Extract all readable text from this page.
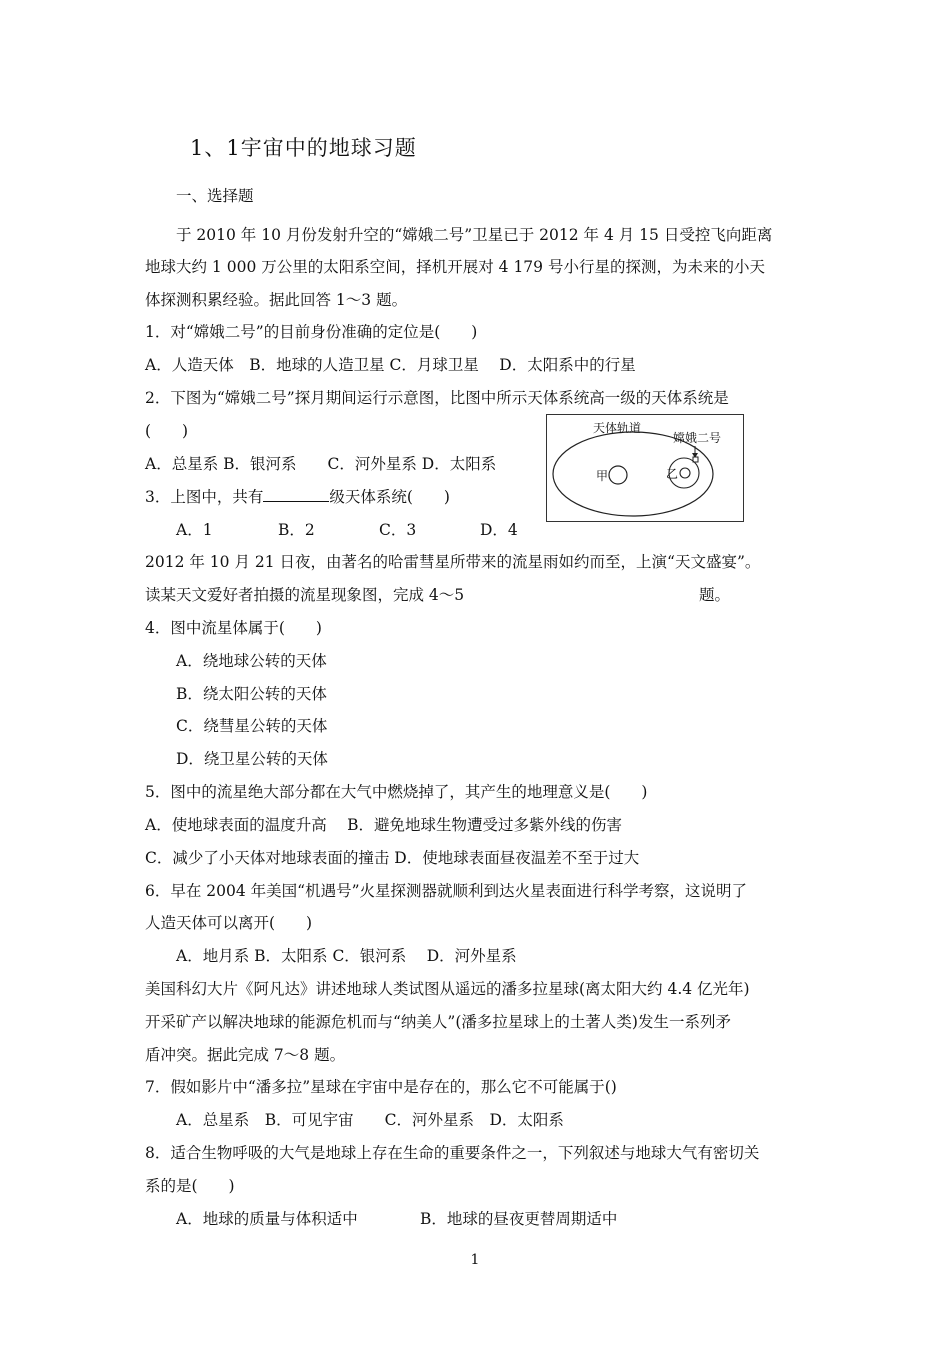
1、1宇宙中的地球习题
一、选择题
于 2010 年 10 月份发射升空的“嫦娥二号”卫星已于 2012 年 4 月 15 日受控飞向距离
地球大约 1 000 万公里的太阳系空间，择机开展对 4 179 号小行星的探测，为未来的小天
体探测积累经验。据此回答 1～3 题。
1．对“嫦娥二号”的目前身份准确的定位是(　　)
A．人造天体　B．地球的人造卫星 C．月球卫星　 D．太阳系中的行星
2．下图为“嫦娥二号”探月期间运行示意图，比图中所示天体系统高一级的天体系统是
(　　)
A．总星系 B．银河系　　C．河外星系 D．太阳系
3．上图中，共有	级天体系统(　　)
A．1	B．2	C．3	D．4
天体轨道
嫦娥二号
甲	乙
2012 年 10 月 21 日夜，由著名的哈雷彗星所带来的流星雨如约而至，上演“天文盛宴”。
读某天文爱好者拍摄的流星现象图，完成 4～5	题。
4．图中流星体属于(　　)
A．绕地球公转的天体
B．绕太阳公转的天体
C．绕彗星公转的天体
D．绕卫星公转的天体
5．图中的流星绝大部分都在大气中燃烧掉了，其产生的地理意义是(　　)
A．使地球表面的温度升高　 B．避免地球生物遭受过多紫外线的伤害
C．减少了小天体对地球表面的撞击 D．使地球表面昼夜温差不至于过大
6．早在 2004 年美国“机遇号”火星探测器就顺利到达火星表面进行科学考察，这说明了
人造天体可以离开(　　)
A．地月系 B．太阳系 C．银河系　 D．河外星系
美国科幻大片《阿凡达》讲述地球人类试图从遥远的潘多拉星球(离太阳大约 4.4 亿光年)
开采矿产以解决地球的能源危机而与“纳美人”(潘多拉星球上的土著人类)发生一系列矛
盾冲突。据此完成 7～8 题。
7．假如影片中“潘多拉”星球在宇宙中是存在的，那么它不可能属于()
A．总星系　B．可见宇宙　　C．河外星系　D．太阳系
8．适合生物呼吸的大气是地球上存在生命的重要条件之一，下列叙述与地球大气有密切关
系的是(　　)
A．地球的质量与体积适中	B．地球的昼夜更替周期适中
1
